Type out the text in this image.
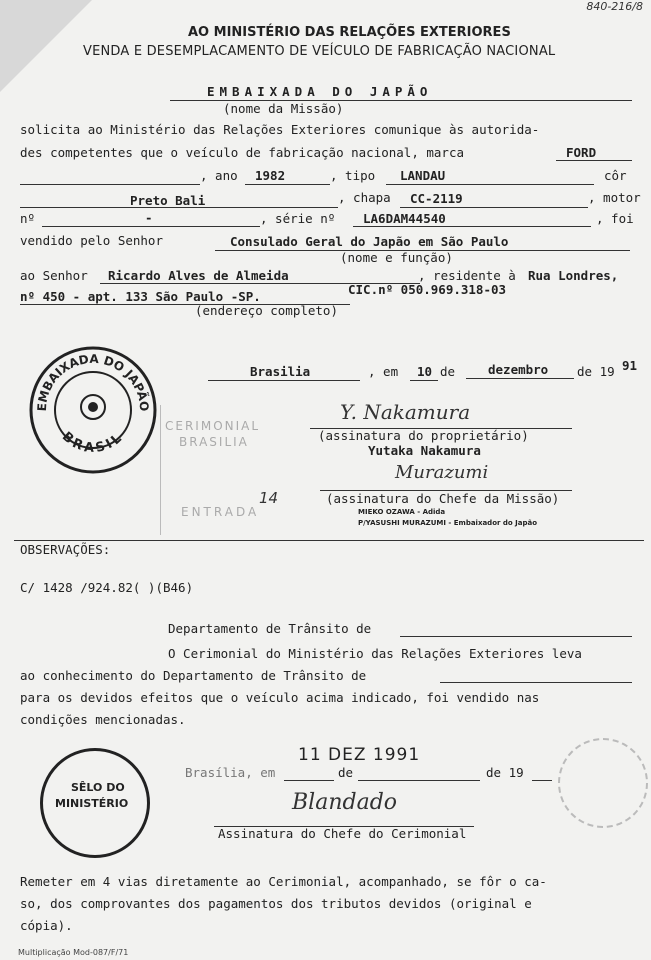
840-216/8
AO MINISTÉRIO DAS RELAÇÕES EXTERIORES
VENDA E DESEMPLACAMENTO DE VEÍCULO DE FABRICAÇÃO NACIONAL
EMBAIXADA DO JAPÃO
(nome da Missão)
solicita ao Ministério das Relações Exteriores comunique às autorida-
des competentes que o veículo de fabricação nacional, marca	FORD
, ano 1982	, tipo LANDAU	côr
Preto Bali	, chapa CC-2119	, motor
nº	-	, série nº LA6DAM44540	, foi
vendido pelo Senhor	Consulado Geral do Japão em São Paulo
(nome e função)
ao Senhor Ricardo Alves de Almeida	, residente à Rua Londres,
nº 450 - apt. 133 São Paulo -SP.	CIC.nº 050.969.318-03
(endereço completo)
EMBAIXADA DO JAPÃO
BRASIL
Brasilia	, em 10 de	dezembro de 19 91
CERIMONIAL
BRASILIA
ENTRADA
14
Y. Nakamura
(assinatura do proprietário)
Yutaka Nakamura
Murazumi
(assinatura do Chefe da Missão)
MIEKO OZAWA - Adida
P/YASUSHI MURAZUMI - Embaixador do Japão
OBSERVAÇÕES:
C/ 1428 /924.82( )(B46)
Departamento de Trânsito de
O Cerimonial do Ministério das Relações Exteriores leva
ao conhecimento do Departamento de Trânsito de
para os devidos efeitos que o veículo acima indicado, foi vendido nas
condições mencionadas.
SÊLO DO
MINISTÉRIO
Brasília, em
11 DEZ 1991
de	de 19
Blandado
Assinatura do Chefe do Cerimonial
Remeter em 4 vias diretamente ao Cerimonial, acompanhado, se fôr o ca-
so, dos comprovantes dos pagamentos dos tributos devidos (original e
cópia).
Multiplicação Mod-087/F/71
